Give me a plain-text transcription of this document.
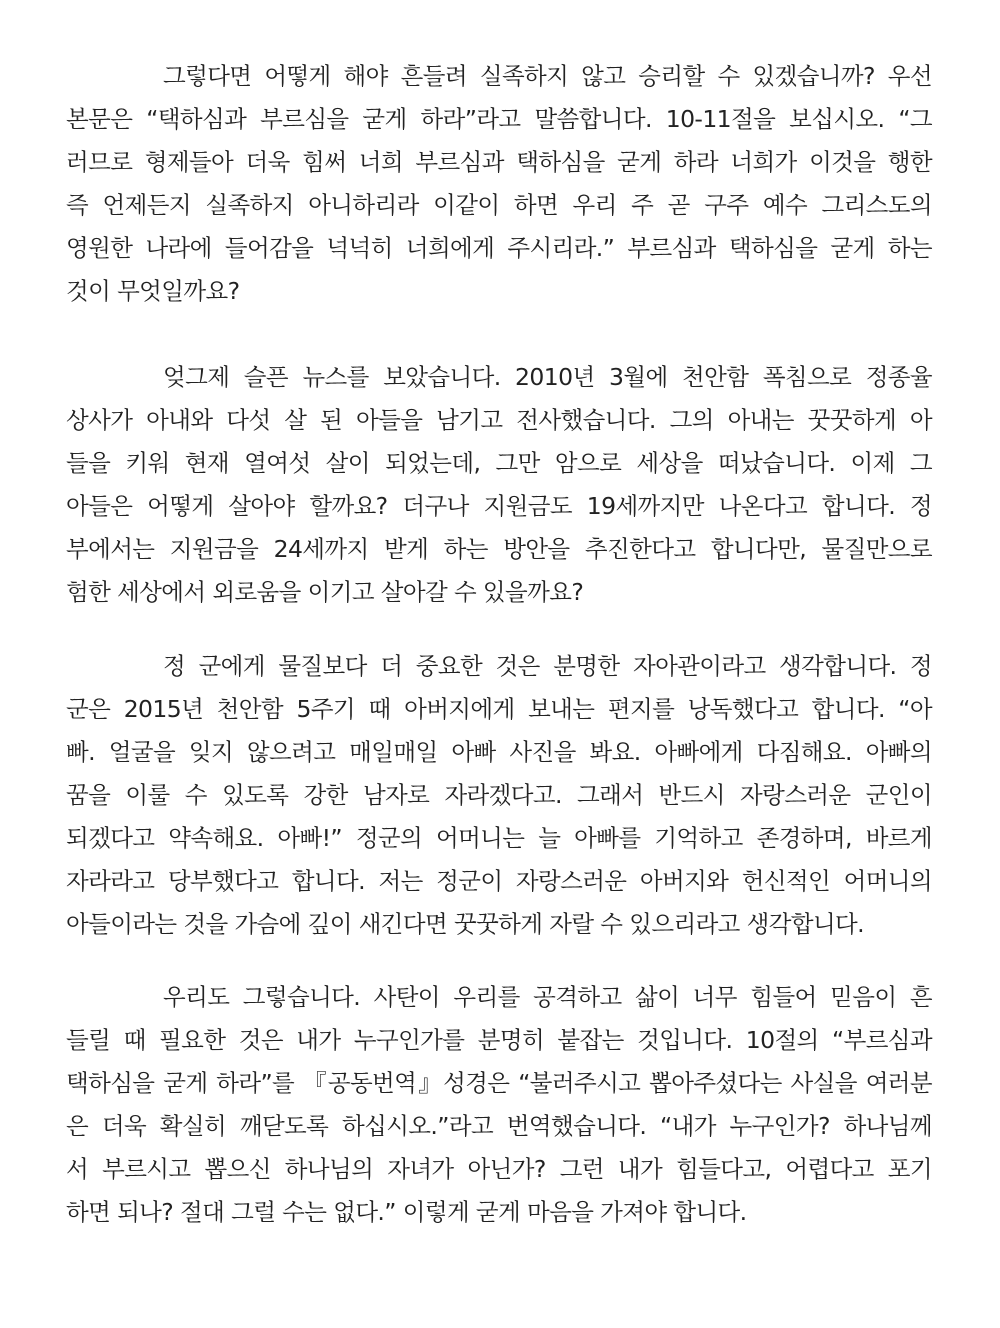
그렇다면 어떻게 해야 흔들려 실족하지 않고 승리할 수 있겠습니까? 우선
본문은 “택하심과 부르심을 굳게 하라”라고 말씀합니다. 10-11절을 보십시오. “그
러므로 형제들아 더욱 힘써 너희 부르심과 택하심을 굳게 하라 너희가 이것을 행한
즉 언제든지 실족하지 아니하리라 이같이 하면 우리 주 곧 구주 예수 그리스도의
영원한 나라에 들어감을 넉넉히 너희에게 주시리라.” 부르심과 택하심을 굳게 하는
것이 무엇일까요?

엊그제 슬픈 뉴스를 보았습니다. 2010년 3월에 천안함 폭침으로 정종율
상사가 아내와 다섯 살 된 아들을 남기고 전사했습니다. 그의 아내는 꿋꿋하게 아
들을 키워 현재 열여섯 살이 되었는데, 그만 암으로 세상을 떠났습니다. 이제 그
아들은 어떻게 살아야 할까요? 더구나 지원금도 19세까지만 나온다고 합니다. 정
부에서는 지원금을 24세까지 받게 하는 방안을 추진한다고 합니다만, 물질만으로
험한 세상에서 외로움을 이기고 살아갈 수 있을까요?

정 군에게 물질보다 더 중요한 것은 분명한 자아관이라고 생각합니다. 정
군은 2015년 천안함 5주기 때 아버지에게 보내는 편지를 낭독했다고 합니다. “아
빠. 얼굴을 잊지 않으려고 매일매일 아빠 사진을 봐요. 아빠에게 다짐해요. 아빠의
꿈을 이룰 수 있도록 강한 남자로 자라겠다고. 그래서 반드시 자랑스러운 군인이
되겠다고 약속해요. 아빠!” 정군의 어머니는 늘 아빠를 기억하고 존경하며, 바르게
자라라고 당부했다고 합니다. 저는 정군이 자랑스러운 아버지와 헌신적인 어머니의
아들이라는 것을 가슴에 깊이 새긴다면 꿋꿋하게 자랄 수 있으리라고 생각합니다.

우리도 그렇습니다. 사탄이 우리를 공격하고 삶이 너무 힘들어 믿음이 흔
들릴 때 필요한 것은 내가 누구인가를 분명히 붙잡는 것입니다. 10절의 “부르심과
택하심을 굳게 하라”를 『공동번역』성경은 “불러주시고 뽑아주셨다는 사실을 여러분
은 더욱 확실히 깨닫도록 하십시오.”라고 번역했습니다. “내가 누구인가? 하나님께
서 부르시고 뽑으신 하나님의 자녀가 아닌가? 그런 내가 힘들다고, 어렵다고 포기
하면 되나? 절대 그럴 수는 없다.” 이렇게 굳게 마음을 가져야 합니다.
